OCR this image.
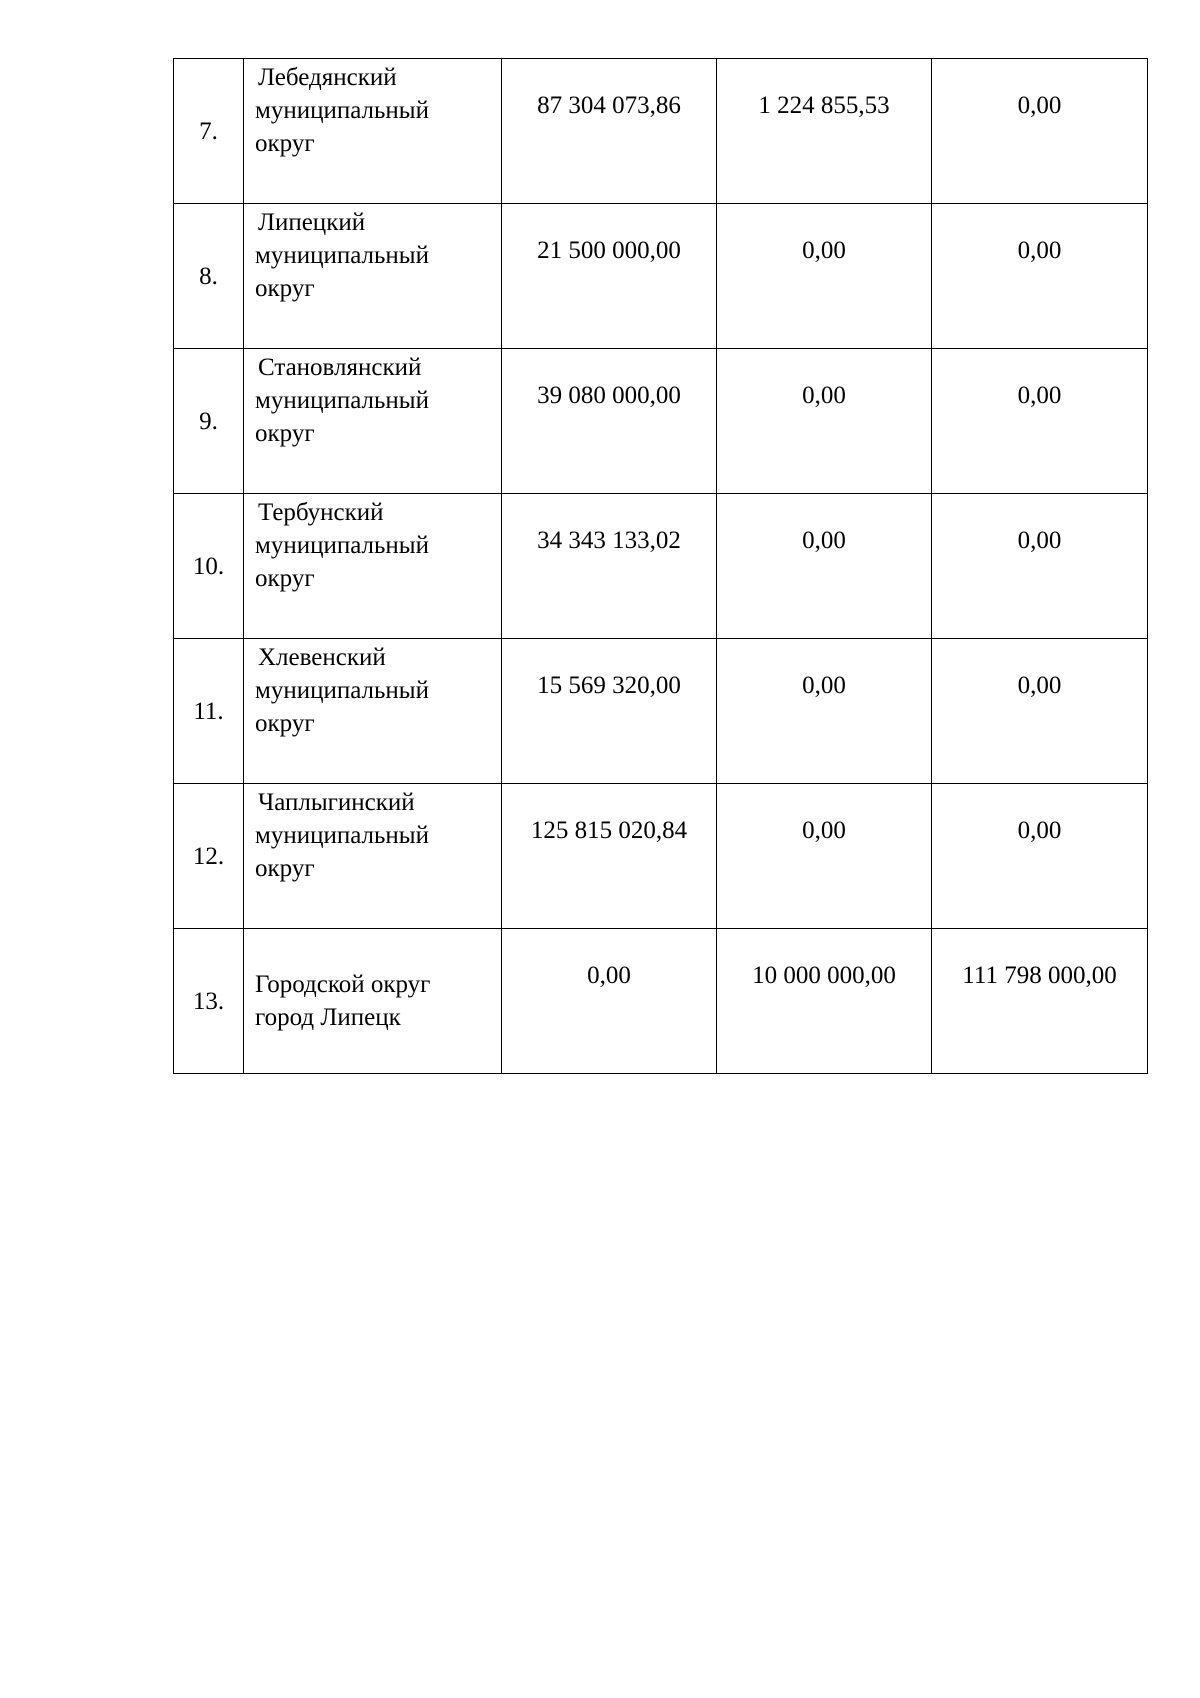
7.	Лебедянский
муниципальный
округ	87 304 073,86	1 224 855,53	0,00
8.	Липецкий
муниципальный
округ	21 500 000,00	0,00	0,00
9.	Становлянский
муниципальный
округ	39 080 000,00	0,00	0,00
10.	Тербунский
муниципальный
округ	34 343 133,02	0,00	0,00
11.	Хлевенский
муниципальный
округ	15 569 320,00	0,00	0,00
12.	Чаплыгинский
муниципальный
округ	125 815 020,84	0,00	0,00
13.	Городской округ
город Липецк	0,00	10 000 000,00	111 798 000,00
